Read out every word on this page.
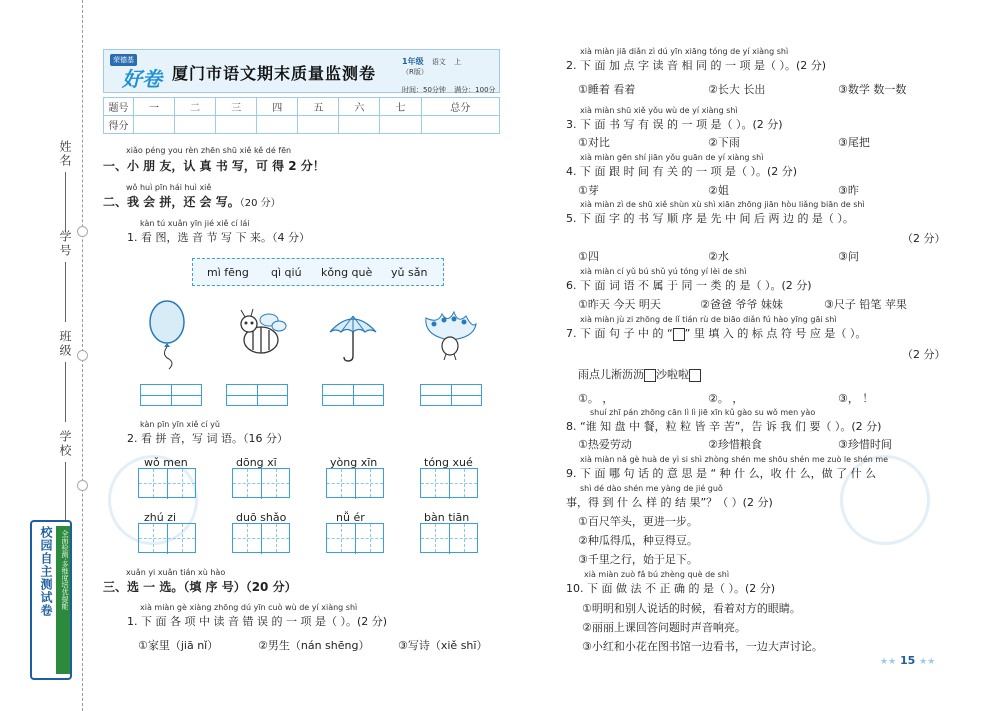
姓名
学号
班级
学校
校园自主测试卷	全面检测·多维度培优提能
荣德基
好卷 厦门市语文期末质量监测卷
1年级 语文 上 （R版）
时间：50分钟 满分：100分
题号	一	二	三	四	五	六	七	总分
得分								
xiǎo péng you rèn zhēn shū xiě kě dé fēn
一、小 朋 友，认 真 书 写，可 得 2 分！
wǒ huì pīn hái huì xiě
二、我 会 拼，还 会 写。（20 分）
kàn tú xuǎn yīn jié xiě cí lái
1. 看 图，选 音 节 写 下 来。（4 分）
mì fēng qì qiú kǒng què yǔ sǎn
kàn pīn yīn xiě cí yǔ
2. 看 拼 音，写 词 语。（16 分）
wǒ men	dōng xī	yòng xīn	tóng xué
zhú zi	duō shǎo	nǚ ér	bàn tiān
xuǎn yi xuǎn tián xù hào
三、选 一 选。（填 序 号）（20 分）
xià miàn gè xiàng zhōng dú yīn cuò wù de yí xiàng shì
1. 下 面 各 项 中 读 音 错 误 的 一 项 是（ ）。(2 分)
①家里（jiā nǐ）	②男生（nán shēng）	③写诗（xiě shī）
xià miàn jiā diǎn zì dú yīn xiāng tóng de yí xiàng shì
2. 下 面 加 点 字 读 音 相 同 的 一 项 是（ ）。(2 分)
①睡着 看着	②长大 长出	③数学 数一数
xià miàn shū xiě yǒu wù de yí xiàng shì
3. 下 面 书 写 有 误 的 一 项 是（ ）。(2 分)
①对比	②下雨	③尾把
xià miàn gēn shí jiān yǒu guān de yí xiàng shì
4. 下 面 跟 时 间 有 关 的 一 项 是（ ）。(2 分)
①芽	②姐	③昨
xià miàn zì de shū xiě shùn xù shì xiān zhōng jiān hòu liǎng biān de shì
5. 下 面 字 的 书 写 顺 序 是 先 中 间 后 两 边 的 是（ ）。
（2 分）
①四	②水	③问
xià miàn cí yǔ bú shǔ yú tóng yí lèi de shì
6. 下 面 词 语 不 属 于 同 一 类 的 是（ ）。(2 分)
①昨天 今天 明天	②爸爸 爷爷 妹妹	③尺子 铅笔 苹果
xià miàn jù zi zhōng de lǐ tián rù de biāo diǎn fú hào yīng gāi shì
7. 下 面 句 子 中 的 “ ” 里 填 入 的 标 点 符 号 应 是（ ）。
（2 分）
雨点儿淅沥沥 沙啦啦
①。 ，	②。 ，	③， ！
shuí zhī pán zhōng cān lì lì jiē xīn kǔ gào su wǒ men yào
8. “谁 知 盘 中 餐，粒 粒 皆 辛 苦”，告 诉 我 们 要（ ）。(2 分)
①热爱劳动	②珍惜粮食	③珍惜时间
xià miàn nǎ gè huà de yì si shì zhòng shén me shōu shén me zuò le shén me
9. 下 面 哪 句 话 的 意 思 是 “ 种 什 么，收 什 么，做 了 什 么
shì dé dào shén me yàng de jié guǒ
事，得 到 什 么 样 的 结 果”？（ ）(2 分)
①百尺竿头，更进一步。
②种瓜得瓜，种豆得豆。
③千里之行，始于足下。
xià miàn zuò fǎ bú zhèng què de shì
10. 下 面 做 法 不 正 确 的 是（ ）。(2 分)
①明明和别人说话的时候，看着对方的眼睛。
②丽丽上课回答问题时声音响亮。
③小红和小花在图书馆一边看书，一边大声讨论。
★★ 15 ★★
